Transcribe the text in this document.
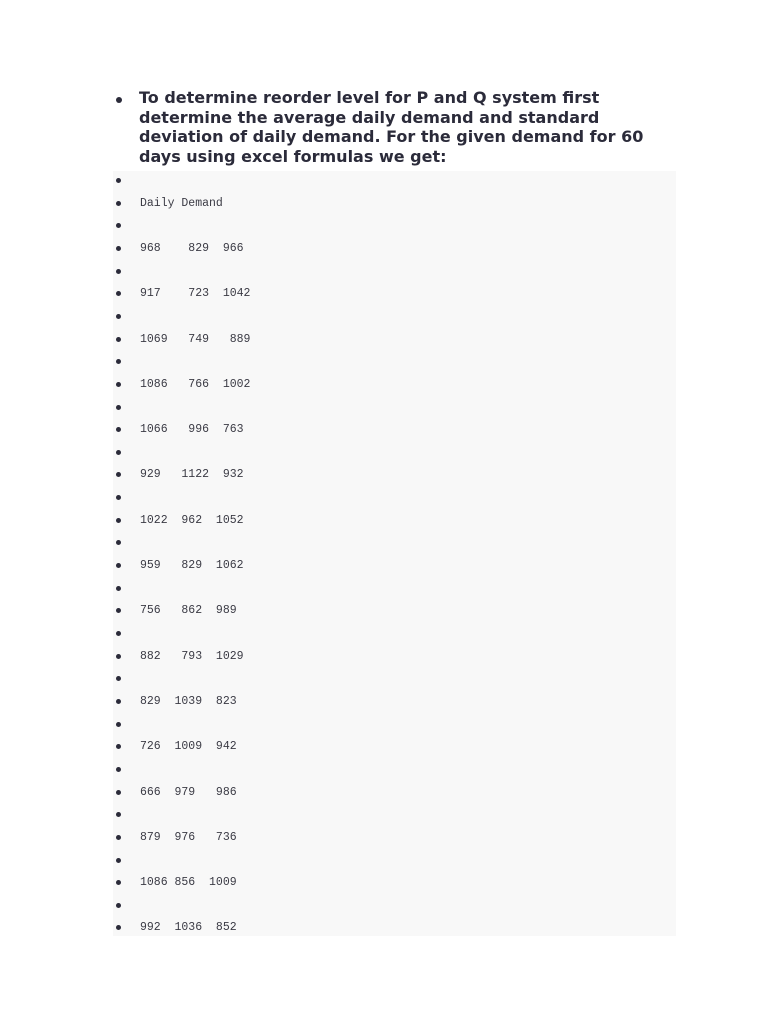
To determine reorder level for P and Q system first determine the average daily demand and standard deviation of daily demand. For the given demand for 60 days using excel formulas we get:

Daily Demand
968    829  966
917    723  1042
1069   749   889
1086   766  1002
1066   996  763
929   1122  932
1022  962  1052
959   829  1062
756   862  989
882   793  1029
829  1039  823
726  1009  942
666  979   986
879  976   736
1086 856  1009
992  1036  852
